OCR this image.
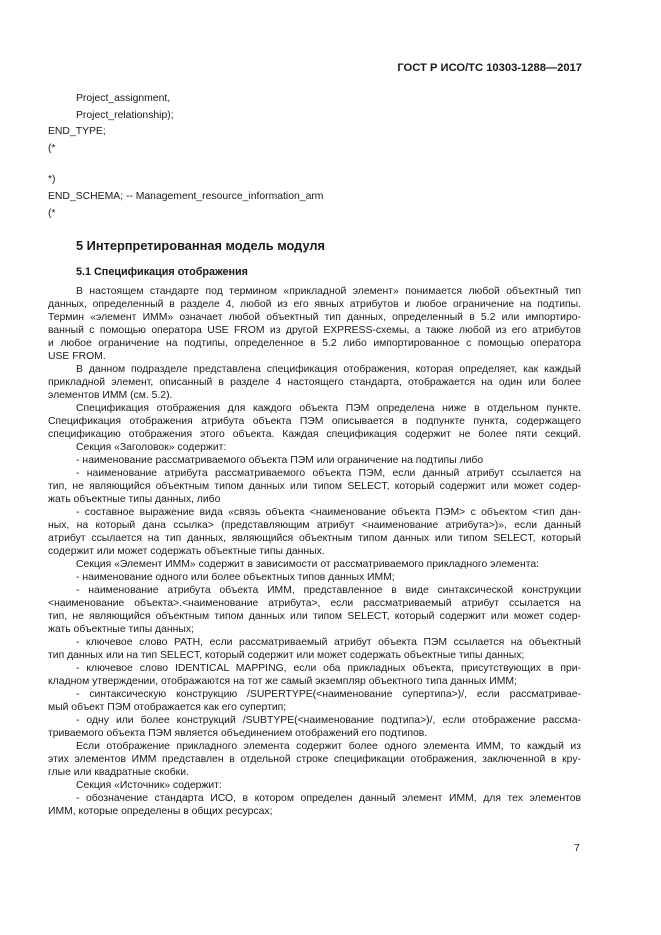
ГОСТ Р ИСО/ТС 10303-1288—2017
Project_assignment,
Project_relationship);
END_TYPE;
(*
*)
END_SCHEMA; -- Management_resource_information_arm
(*
5 Интерпретированная модель модуля
5.1 Спецификация отображения
В настоящем стандарте под термином «прикладной элемент» понимается любой объектный тип
данных, определенный в разделе 4, любой из его явных атрибутов и любое ограничение на подтипы.
Термин «элемент ИММ» означает любой объектный тип данных, определенный в 5.2 или импортиро-
ванный с помощью оператора USE FROM из другой EXPRESS-схемы, а также любой из его атрибутов
и любое ограничение на подтипы, определенное в 5.2 либо импортированное с помощью оператора
USE FROM.
В данном подразделе представлена спецификация отображения, которая определяет, как каждый
прикладной элемент, описанный в разделе 4 настоящего стандарта, отображается на один или более
элементов ИММ (см. 5.2).
Спецификация отображения для каждого объекта ПЭМ определена ниже в отдельном пункте.
Спецификация отображения атрибута объекта ПЭМ описывается в подпункте пункта, содержащего
спецификацию отображения этого объекта. Каждая спецификация содержит не более пяти секций.
Секция «Заголовок» содержит:
- наименование рассматриваемого объекта ПЭМ или ограничение на подтипы либо
- наименование атрибута рассматриваемого объекта ПЭМ, если данный атрибут ссылается на
тип, не являющийся объектным типом данных или типом SELECT, который содержит или может содер-
жать объектные типы данных, либо
- составное выражение вида «связь объекта <наименование объекта ПЭМ> с объектом <тип дан-
ных, на который дана ссылка> (представляющим атрибут <наименование атрибута>)», если данный
атрибут ссылается на тип данных, являющийся объектным типом данных или типом SELECT, который
содержит или может содержать объектные типы данных.
Секция «Элемент ИММ» содержит в зависимости от рассматриваемого прикладного элемента:
- наименование одного или более объектных типов данных ИММ;
- наименование атрибута объекта ИММ, представленное в виде синтаксической конструкции
<наименование объекта>.<наименование атрибута>, если рассматриваемый атрибут ссылается на
тип, не являющийся объектным типом данных или типом SELECT, который содержит или может содер-
жать объектные типы данных;
- ключевое слово PATH, если рассматриваемый атрибут объекта ПЭМ ссылается на объектный
тип данных или на тип SELECT, который содержит или может содержать объектные типы данных;
- ключевое слово IDENTICAL MAPPING, если оба прикладных объекта, присутствующих в при-
кладном утверждении, отображаются на тот же самый экземпляр объектного типа данных ИММ;
- синтаксическую конструкцию /SUPERTYPE(<наименование супертипа>)/, если рассматривае-
мый объект ПЭМ отображается как его супертип;
- одну или более конструкций /SUBTYPE(<наименование подтипа>)/, если отображение рассма-
триваемого объекта ПЭМ является объединением отображений его подтипов.
Если отображение прикладного элемента содержит более одного элемента ИММ, то каждый из
этих элементов ИММ представлен в отдельной строке спецификации отображения, заключенной в кру-
глые или квадратные скобки.
Секция «Источник» содержит:
- обозначение стандарта ИСО, в котором определен данный элемент ИММ, для тех элементов
ИММ, которые определены в общих ресурсах;
7
